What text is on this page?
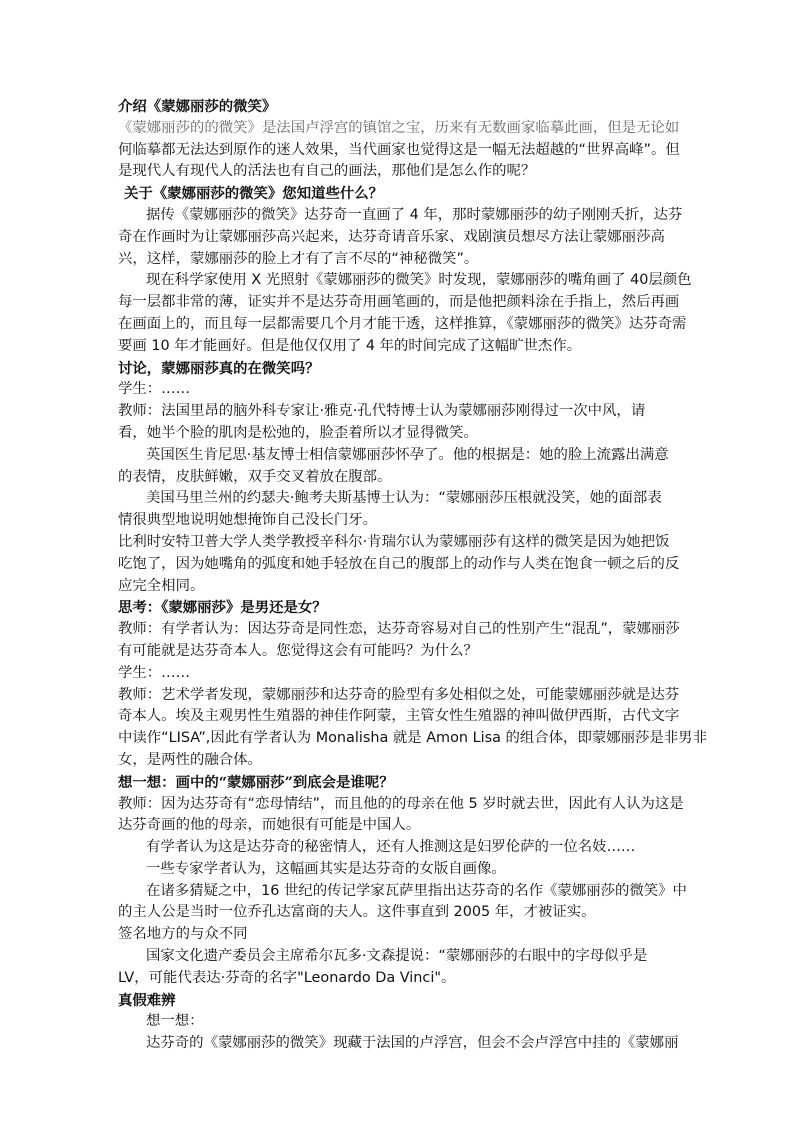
介绍《蒙娜丽莎的微笑》

《蒙娜丽莎的的微笑》是法国卢浮宫的镇馆之宝，历来有无数画家临摹此画，但是无论如

何临摹都无法达到原作的迷人效果，当代画家也觉得这是一幅无法超越的“世界高峰”。但

是现代人有现代人的活法也有自己的画法，那他们是怎么作的呢？

关于《蒙娜丽莎的微笑》您知道些什么？

据传《蒙娜丽莎的微笑》达芬奇一直画了 4 年，那时蒙娜丽莎的幼子刚刚夭折，达芬

奇在作画时为让蒙娜丽莎高兴起来，达芬奇请音乐家、戏剧演员想尽方法让蒙娜丽莎高

兴，这样，蒙娜丽莎的脸上才有了言不尽的“神秘微笑”。

现在科学家使用 X 光照射《蒙娜丽莎的微笑》时发现，蒙娜丽莎的嘴角画了 40层颜色

每一层都非常的薄，证实并不是达芬奇用画笔画的，而是他把颜料涂在手指上，然后再画

在画面上的，而且每一层都需要几个月才能干透，这样推算，《蒙娜丽莎的微笑》达芬奇需

要画 10 年才能画好。但是他仅仅用了 4 年的时间完成了这幅旷世杰作。

讨论，蒙娜丽莎真的在微笑吗？

学生：……

教师：法国里昂的脑外科专家让·雅克·孔代特博士认为蒙娜丽莎刚得过一次中风，请

看，她半个脸的肌肉是松弛的，脸歪着所以才显得微笑。

英国医生肯尼思·基友博士相信蒙娜丽莎怀孕了。他的根据是：她的脸上流露出满意

的表情，皮肤鲜嫩，双手交叉着放在腹部。

美国马里兰州的约瑟夫·鲍考夫斯基博士认为：“蒙娜丽莎压根就没笑，她的面部表

情很典型地说明她想掩饰自己没长门牙。

比利时安特卫普大学人类学教授辛科尔·肯瑞尔认为蒙娜丽莎有这样的微笑是因为她把饭

吃饱了，因为她嘴角的弧度和她手轻放在自己的腹部上的动作与人类在饱食一顿之后的反

应完全相同。

思考：《蒙娜丽莎》是男还是女？

教师：有学者认为：因达芬奇是同性恋，达芬奇容易对自己的性别产生“混乱”，蒙娜丽莎

有可能就是达芬奇本人。您觉得这会有可能吗？为什么？

学生：……

教师：艺术学者发现，蒙娜丽莎和达芬奇的脸型有多处相似之处，可能蒙娜丽莎就是达芬

奇本人。埃及主观男性生殖器的神佳作阿蒙，主管女性生殖器的神叫做伊西斯，古代文字

中读作“LISA”,因此有学者认为 Monalisha 就是 Amon Lisa 的组合体，即蒙娜丽莎是非男非

女，是两性的融合体。

想一想：画中的“蒙娜丽莎”到底会是谁呢？

教师：因为达芬奇有“恋母情结”，而且他的的母亲在他 5 岁时就去世，因此有人认为这是

达芬奇画的他的母亲，而她很有可能是中国人。

有学者认为这是达芬奇的秘密情人，还有人推测这是妇罗伦萨的一位名妓……

一些专家学者认为，这幅画其实是达芬奇的女版自画像。

在诸多猜疑之中，16 世纪的传记学家瓦萨里指出达芬奇的名作《蒙娜丽莎的微笑》中

的主人公是当时一位乔孔达富商的夫人。这件事直到 2005 年，才被证实。

签名地方的与众不同

国家文化遗产委员会主席希尔瓦多·文森提说：“蒙娜丽莎的右眼中的字母似乎是

LV，可能代表达·芬奇的名字"Leonardo Da Vinci"。

真假难辨

想一想：

达芬奇的《蒙娜丽莎的微笑》现藏于法国的卢浮宫，但会不会卢浮宫中挂的《蒙娜丽
